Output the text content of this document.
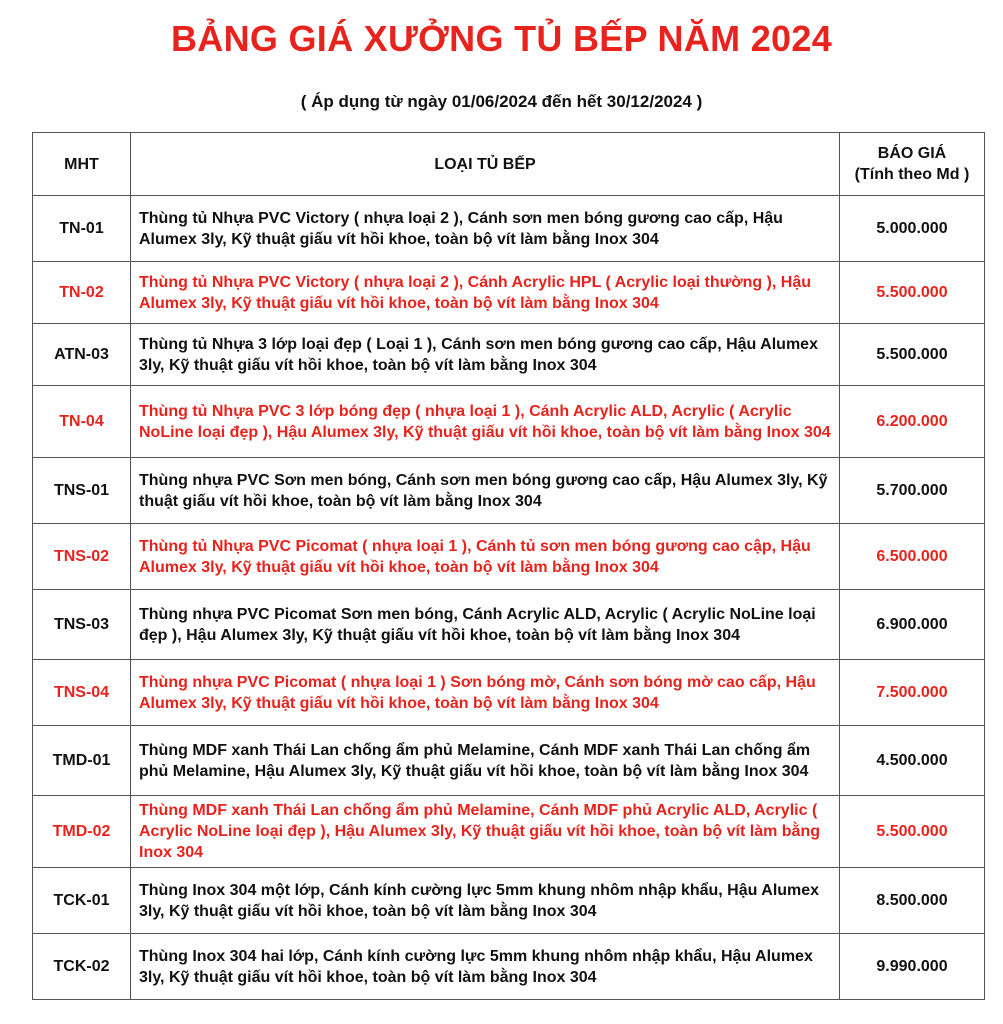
BẢNG GIÁ XƯỞNG TỦ BẾP NĂM 2024
( Áp dụng từ ngày 01/06/2024 đến hết 30/12/2024 )
MHT	LOẠI TỦ BẾP	BÁO GIÁ
(Tính theo Md )
TN-01	Thùng tủ Nhựa PVC Victory ( nhựa loại 2 ), Cánh sơn men bóng gương cao cấp, Hậu Alumex 3ly, Kỹ thuật giấu vít hồi khoe, toàn bộ vít làm bằng Inox 304	5.000.000
TN-02	Thùng tủ Nhựa PVC Victory ( nhựa loại 2 ), Cánh Acrylic HPL ( Acrylic loại thường ), Hậu Alumex 3ly, Kỹ thuật giấu vít hồi khoe, toàn bộ vít làm bằng Inox 304	5.500.000
ATN-03	Thùng tủ Nhựa 3 lớp loại đẹp ( Loại 1 ), Cánh sơn men bóng gương cao cấp, Hậu Alumex 3ly, Kỹ thuật giấu vít hồi khoe, toàn bộ vít làm bằng Inox 304	5.500.000
TN-04	Thùng tủ Nhựa PVC 3 lớp bóng đẹp ( nhựa loại 1 ), Cánh Acrylic ALD, Acrylic ( Acrylic NoLine loại đẹp ), Hậu Alumex 3ly, Kỹ thuật giấu vít hồi khoe, toàn bộ vít làm bằng Inox 304	6.200.000
TNS-01	Thùng nhựa PVC Sơn men bóng, Cánh sơn men bóng gương cao cấp, Hậu Alumex 3ly, Kỹ thuật giấu vít hồi khoe, toàn bộ vít làm bằng Inox 304	5.700.000
TNS-02	Thùng tủ Nhựa PVC Picomat ( nhựa loại 1 ), Cánh tủ sơn men bóng gương cao cập, Hậu Alumex 3ly, Kỹ thuật giấu vít hồi khoe, toàn bộ vít làm bằng Inox 304	6.500.000
TNS-03	Thùng nhựa PVC Picomat Sơn men bóng, Cánh Acrylic ALD, Acrylic ( Acrylic NoLine loại đẹp ), Hậu Alumex 3ly, Kỹ thuật giấu vít hồi khoe, toàn bộ vít làm bằng Inox 304	6.900.000
TNS-04	Thùng nhựa PVC Picomat ( nhựa loại 1 ) Sơn bóng mờ, Cánh sơn bóng mờ cao cấp, Hậu Alumex 3ly, Kỹ thuật giấu vít hồi khoe, toàn bộ vít làm bằng Inox 304	7.500.000
TMD-01	Thùng MDF xanh Thái Lan chống ẩm phủ Melamine, Cánh MDF xanh Thái Lan chống ẩm phủ Melamine, Hậu Alumex 3ly, Kỹ thuật giấu vít hồi khoe, toàn bộ vít làm bằng Inox 304	4.500.000
TMD-02	Thùng MDF xanh Thái Lan chống ẩm phủ Melamine, Cánh MDF phủ Acrylic ALD, Acrylic ( Acrylic NoLine loại đẹp ), Hậu Alumex 3ly, Kỹ thuật giấu vít hồi khoe, toàn bộ vít làm bằng Inox 304	5.500.000
TCK-01	Thùng Inox 304 một lớp, Cánh kính cường lực 5mm khung nhôm nhập khẩu, Hậu Alumex 3ly, Kỹ thuật giấu vít hồi khoe, toàn bộ vít làm bằng Inox 304	8.500.000
TCK-02	Thùng Inox 304 hai lớp, Cánh kính cường lực 5mm khung nhôm nhập khẩu, Hậu Alumex 3ly, Kỹ thuật giấu vít hồi khoe, toàn bộ vít làm bằng Inox 304	9.990.000
